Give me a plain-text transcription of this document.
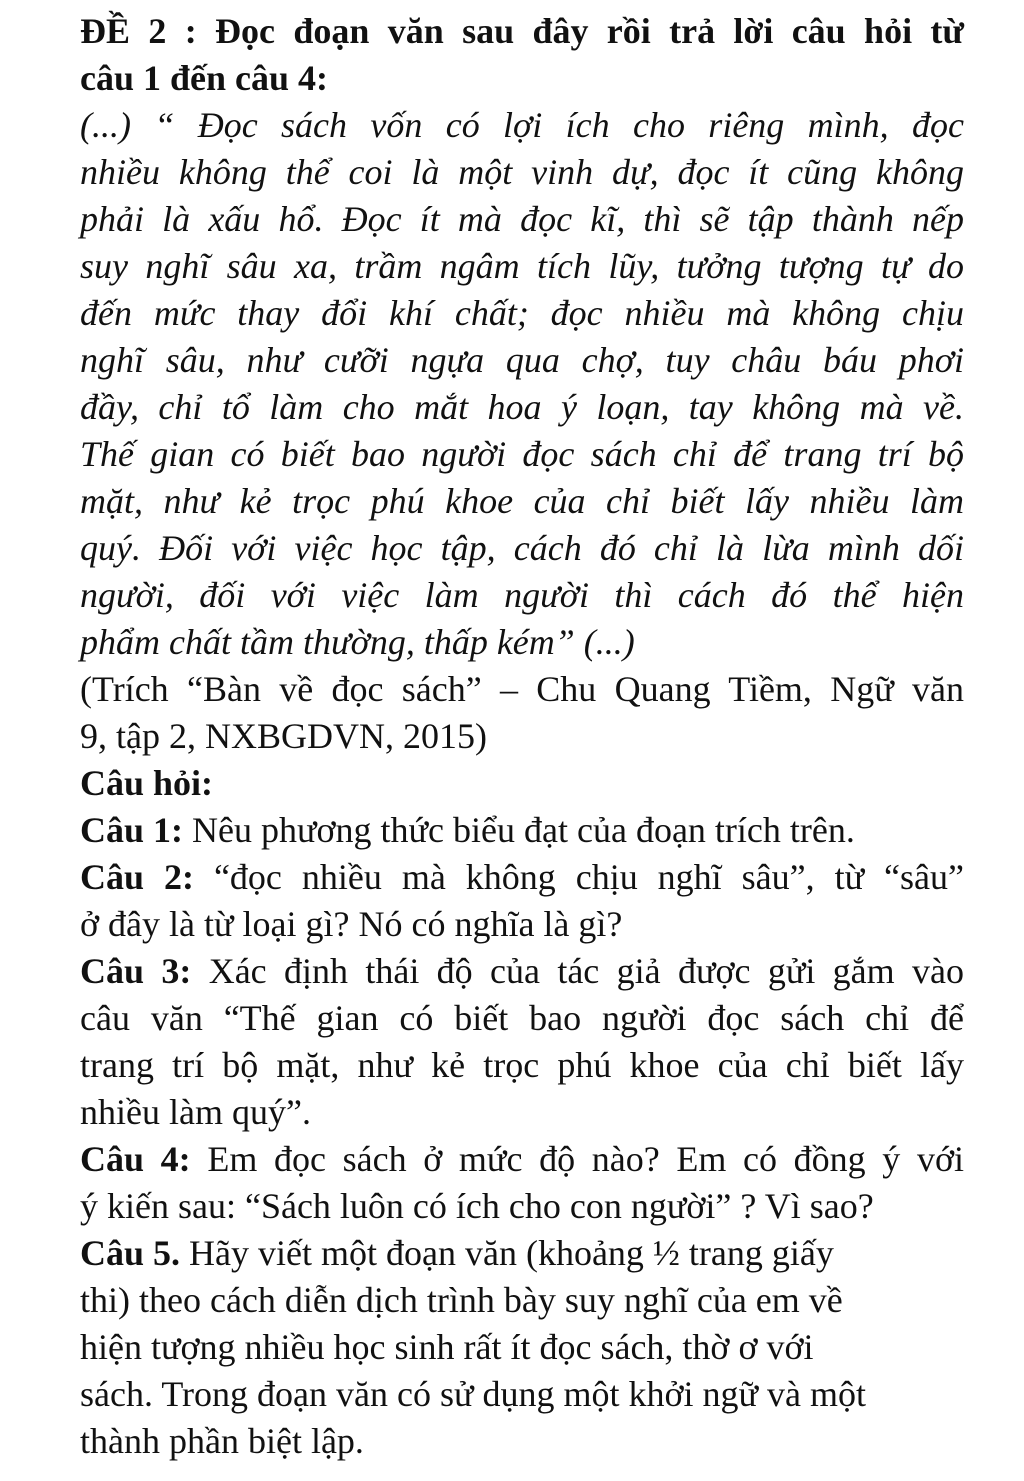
ĐỀ 2 : Đọc đoạn văn sau đây rồi trả lời câu hỏi từ
câu 1 đến câu 4:
(...) “ Đọc sách vốn có lợi ích cho riêng mình, đọc
nhiều không thể coi là một vinh dự, đọc ít cũng không
phải là xấu hổ. Đọc ít mà đọc kĩ, thì sẽ tập thành nếp
suy nghĩ sâu xa, trầm ngâm tích lũy, tưởng tượng tự do
đến mức thay đổi khí chất; đọc nhiều mà không chịu
nghĩ sâu, như cưỡi ngựa qua chợ, tuy châu báu phơi
đầy, chỉ tổ làm cho mắt hoa ý loạn, tay không mà về.
Thế gian có biết bao người đọc sách chỉ để trang trí bộ
mặt, như kẻ trọc phú khoe của chỉ biết lấy nhiều làm
quý. Đối với việc học tập, cách đó chỉ là lừa mình dối
người, đối với việc làm người thì cách đó thể hiện
phẩm chất tầm thường, thấp kém” (...)
(Trích “Bàn về đọc sách” – Chu Quang Tiềm, Ngữ văn
9, tập 2, NXBGDVN, 2015)
Câu hỏi:
Câu 1: Nêu phương thức biểu đạt của đoạn trích trên.
Câu 2: “đọc nhiều mà không chịu nghĩ sâu”, từ “sâu”
ở đây là từ loại gì? Nó có nghĩa là gì?
Câu 3: Xác định thái độ của tác giả được gửi gắm vào
câu văn “Thế gian có biết bao người đọc sách chỉ để
trang trí bộ mặt, như kẻ trọc phú khoe của chỉ biết lấy
nhiều làm quý”.
Câu 4: Em đọc sách ở mức độ nào? Em có đồng ý với
ý kiến sau: “Sách luôn có ích cho con người” ? Vì sao?
Câu 5. Hãy viết một đoạn văn (khoảng ½ trang giấy
thi) theo cách diễn dịch trình bày suy nghĩ của em về
hiện tượng nhiều học sinh rất ít đọc sách, thờ ơ với
sách. Trong đoạn văn có sử dụng một khởi ngữ và một
thành phần biệt lập.
